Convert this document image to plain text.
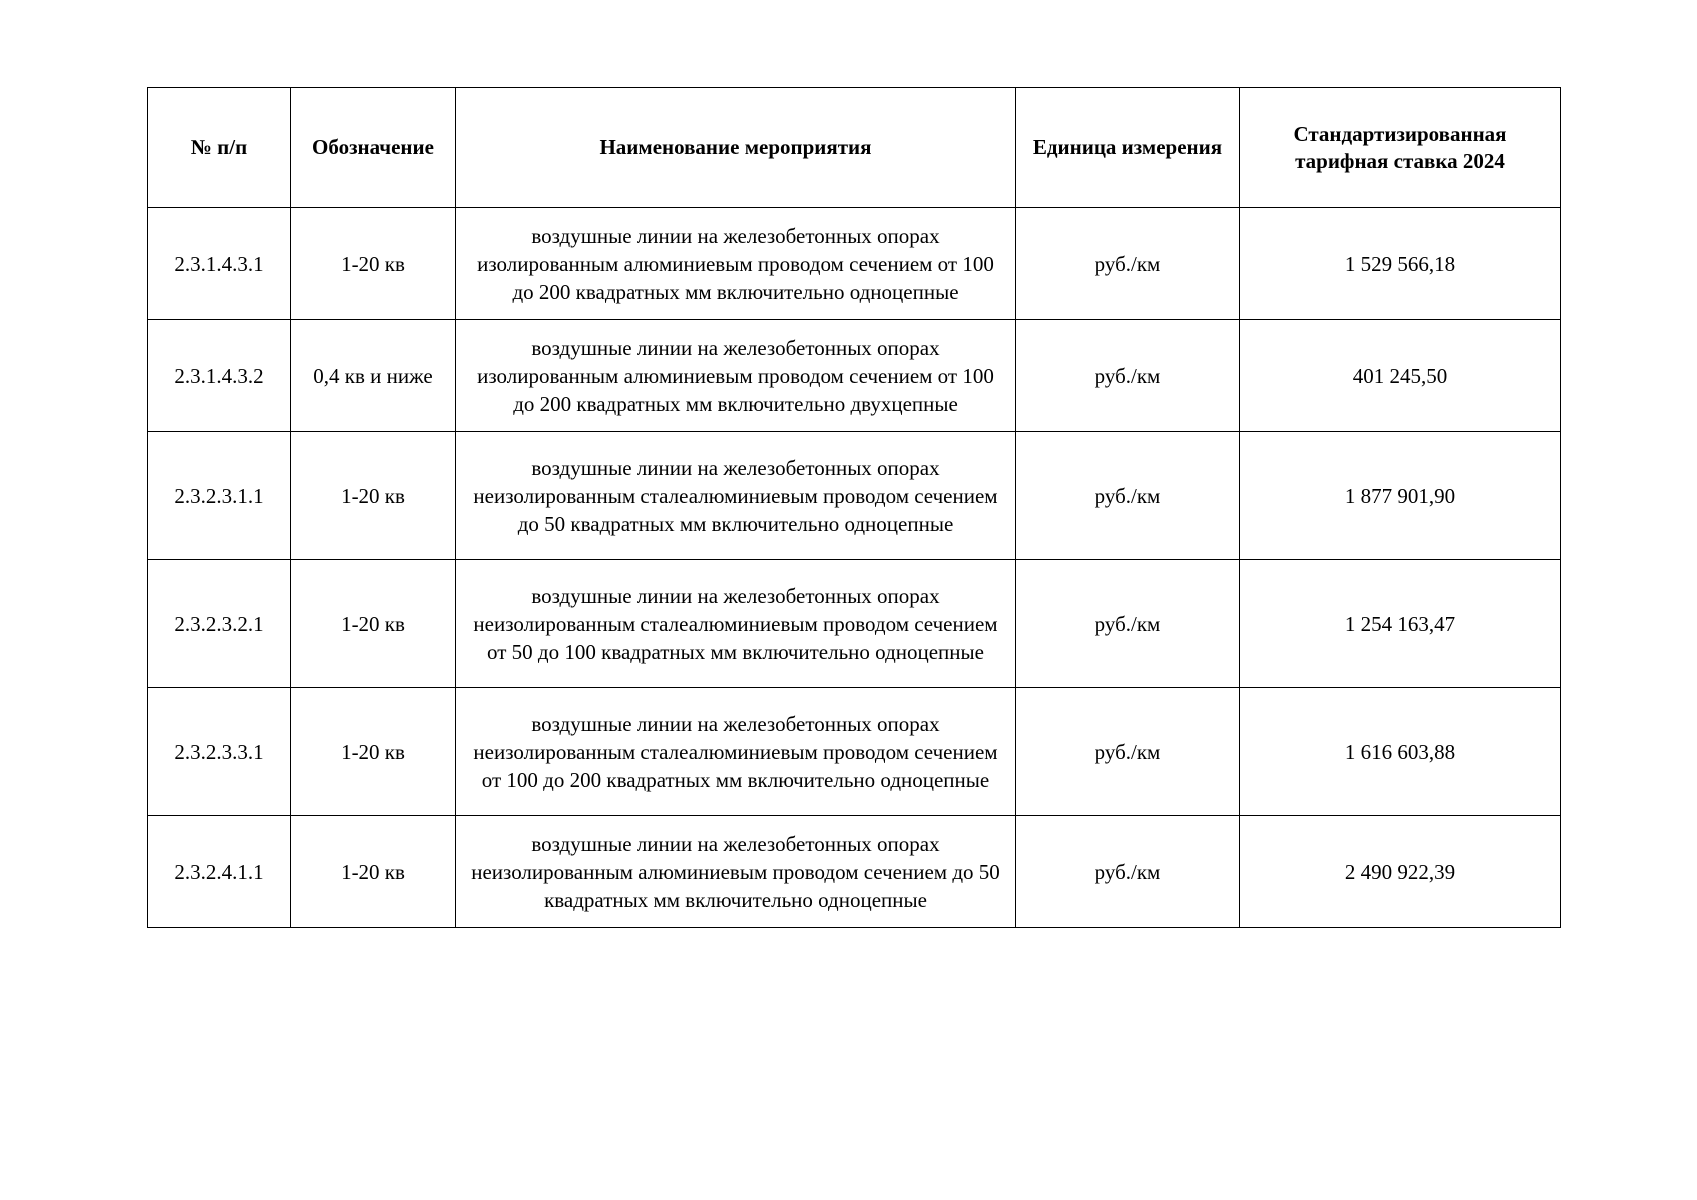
№ п/п	Обозначение	Наименование мероприятия	Единица измерения	Стандартизированная тарифная ставка 2024
2.3.1.4.3.1	1-20 кв	воздушные линии на железобетонных опорах изолированным алюминиевым проводом сечением от 100 до 200 квадратных мм включительно одноцепные	руб./км	1 529 566,18
2.3.1.4.3.2	0,4 кв и ниже	воздушные линии на железобетонных опорах изолированным алюминиевым проводом сечением от 100 до 200 квадратных мм включительно двухцепные	руб./км	401 245,50
2.3.2.3.1.1	1-20 кв	воздушные линии на железобетонных опорах неизолированным сталеалюминиевым проводом сечением до 50 квадратных мм включительно одноцепные	руб./км	1 877 901,90
2.3.2.3.2.1	1-20 кв	воздушные линии на железобетонных опорах неизолированным сталеалюминиевым проводом сечением от 50 до 100 квадратных мм включительно одноцепные	руб./км	1 254 163,47
2.3.2.3.3.1	1-20 кв	воздушные линии на железобетонных опорах неизолированным сталеалюминиевым проводом сечением от 100 до 200 квадратных мм включительно одноцепные	руб./км	1 616 603,88
2.3.2.4.1.1	1-20 кв	воздушные линии на железобетонных опорах неизолированным алюминиевым проводом сечением до 50 квадратных мм включительно одноцепные	руб./км	2 490 922,39
